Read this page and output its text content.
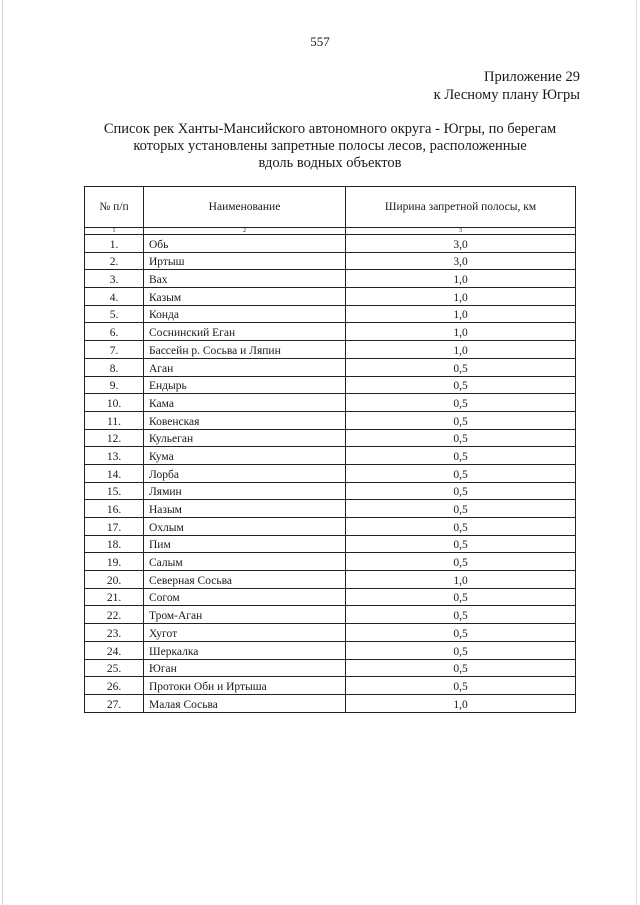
557
Приложение 29
к Лесному плану Югры
Список рек Ханты-Мансийского автономного округа - Югры, по берегам
которых установлены запретные полосы лесов, расположенные
вдоль водных объектов
№ п/п	Наименование	Ширина запретной полосы, км
1	2	3
1.	Обь	3,0
2.	Иртыш	3,0
3.	Вах	1,0
4.	Казым	1,0
5.	Конда	1,0
6.	Соснинский Еган	1,0
7.	Бассейн р. Сосьва и Ляпин	1,0
8.	Аган	0,5
9.	Ендырь	0,5
10.	Кама	0,5
11.	Ковенская	0,5
12.	Кульеган	0,5
13.	Кума	0,5
14.	Лорба	0,5
15.	Лямин	0,5
16.	Назым	0,5
17.	Охлым	0,5
18.	Пим	0,5
19.	Салым	0,5
20.	Северная Сосьва	1,0
21.	Согом	0,5
22.	Тром-Аган	0,5
23.	Хугот	0,5
24.	Шеркалка	0,5
25.	Юган	0,5
26.	Протоки Оби и Иртыша	0,5
27.	Малая Сосьва	1,0
